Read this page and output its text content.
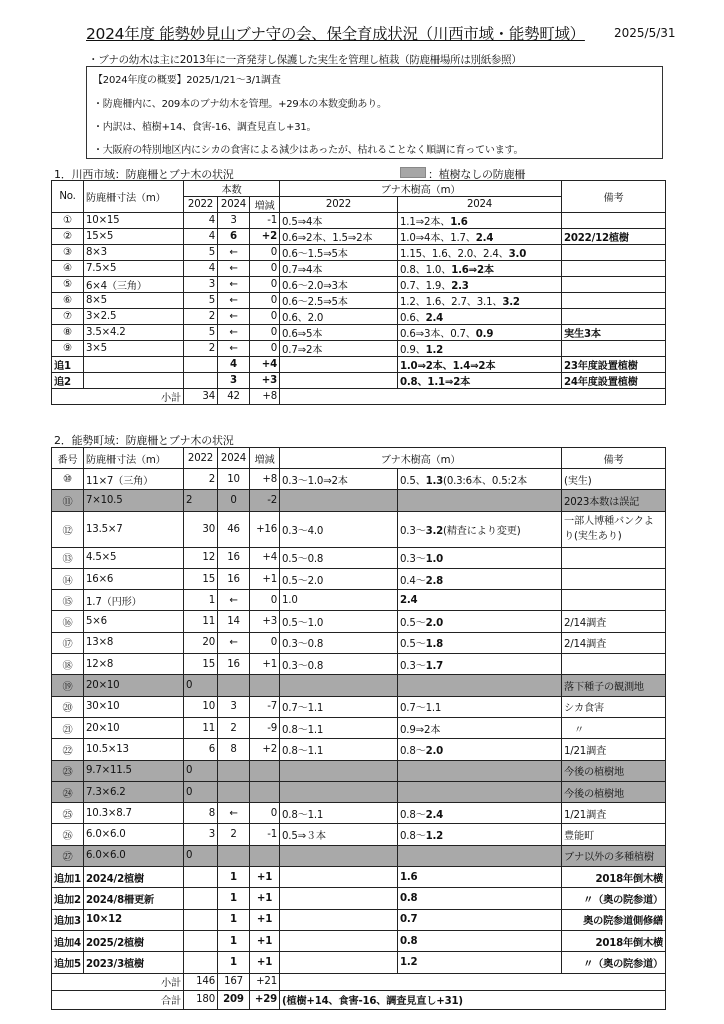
2024年度 能勢妙見山ブナ守の会、保全育成状況（川西市域・能勢町域） 2025/5/31
・ブナの幼木は主に2013年に一斉発芽し保護した実生を管理し植栽（防鹿柵場所は別紙参照）
【2024年度の概要】2025/1/21～3/1調査
・防鹿柵内に、209本のブナ幼木を管理。+29本の本数変動あり。
・内訳は、植樹+14、食害-16、調査見直し+31。
・大阪府の特別地区内にシカの食害による減少はあったが、枯れることなく順調に育っています。
1．川西市域：防鹿柵とブナ木の状況	：植樹なしの防鹿柵
No.	防鹿柵寸法（m）	本数			ブナ木樹高（m）		備考
		2022	2024	増減	2022	2024	
①	10×15	4	3	-1	0.5⇒4本	1.1⇒2本、1.6	
②	15×5	4	6	+2	0.6⇒2本、1.5⇒2本	1.0⇒4本、1.7、2.4	2022/12植樹
③	8×3	5	←	0	0.6～1.5⇒5本	1.15、1.6、2.0、2.4、3.0	
④	7.5×5	4	←	0	0.7⇒4本	0.8、1.0、1.6⇒2本	
⑤	6×4（三角）	3	←	0	0.6～2.0⇒3本	0.7、1.9、2.3	
⑥	8×5	5	←	0	0.6～2.5⇒5本	1.2、1.6、2.7、3.1、3.2	
⑦	3×2.5	2	←	0	0.6、2.0	0.6、2.4	
⑧	3.5×4.2	5	←	0	0.6⇒5本	0.6⇒3本、0.7、0.9	実生3本
⑨	3×5	2	←	0	0.7⇒2本	0.9、1.2	
追1			4	+4		1.0⇒2本、1.4⇒2本	23年度設置植樹
追2			3	+3		0.8、1.1⇒2本	24年度設置植樹
小計		34	42	+8			
2．能勢町域：防鹿柵とブナ木の状況
番号	防鹿柵寸法（m）	2022	2024	増減	ブナ木樹高（m）		備考
⑩	11×7（三角）	2	10	+8	0.3～1.0⇒2本	0.5、1.3(0.3:6本、0.5:2本	(実生)
⑪	7×10.5	2	0	-2			2023本数は誤記
⑫	13.5×7	30	46	+16	0.3～4.0	0.3～3.2(精査により変更)	一部人博種バンクより(実生あり)
⑬	4.5×5	12	16	+4	0.5～0.8	0.3～1.0	
⑭	16×6	15	16	+1	0.5～2.0	0.4～2.8	
⑮	1.7（円形）	1	←	0	1.0	2.4	
⑯	5×6	11	14	+3	0.5～1.0	0.5～2.0	2/14調査
⑰	13×8	20	←	0	0.3～0.8	0.5～1.8	2/14調査
⑱	12×8	15	16	+1	0.3～0.8	0.3～1.7	
⑲	20×10	0					落下種子の観測地
⑳	30×10	10	3	-7	0.7～1.1	0.7～1.1	シカ食害
㉑	20×10	11	2	-9	0.8～1.1	0.9⇒2本	　〃
㉒	10.5×13	6	8	+2	0.8～1.1	0.8～2.0	1/21調査
㉓	9.7×11.5	0					今後の植樹地
㉔	7.3×6.2	0					今後の植樹地
㉕	10.3×8.7	8	←	0	0.8～1.1	0.8～2.4	1/21調査
㉖	6.0×6.0	3	2	-1	0.5⇒３本	0.8～1.2	豊能町
㉗	6.0×6.0	0					ブナ以外の多種植樹
追加1	2024/2植樹		1	+1		1.6	2018年倒木横
追加2	2024/8柵更新		1	+1		0.8	〃（奥の院参道）
追加3	10×12		1	+1		0.7	奥の院参道側修繕
追加4	2025/2植樹		1	+1		0.8	2018年倒木横
追加5	2023/3植樹		1	+1		1.2	〃（奥の院参道）
小計		146	167	+21			
合計		180	209	+29	(植樹+14、食害-16、調査見直し+31)		
